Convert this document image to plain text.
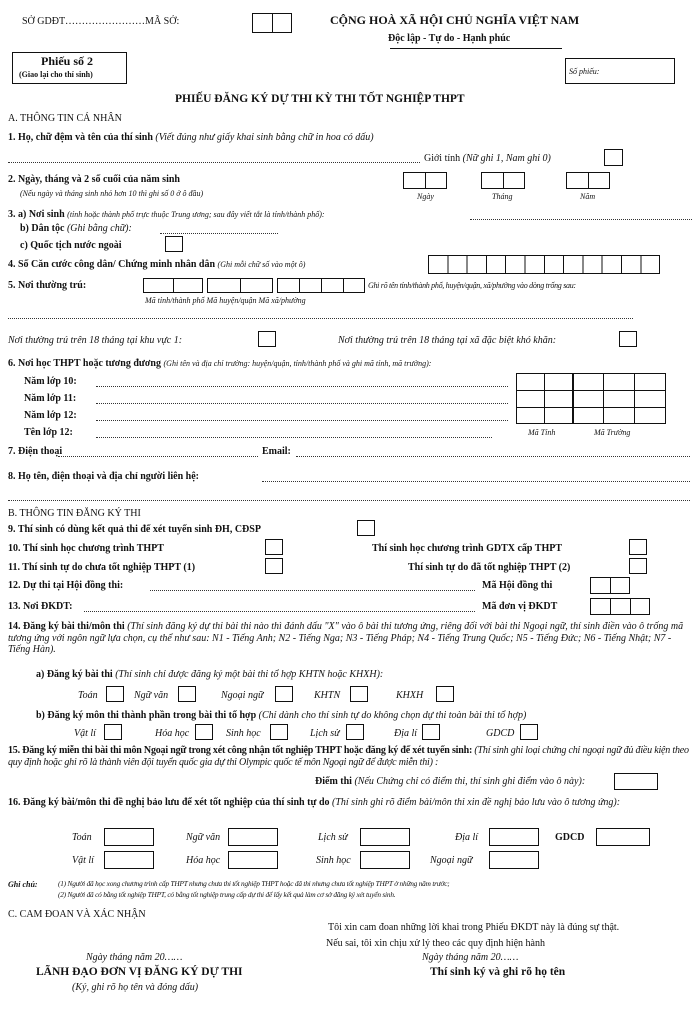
SỞ GDĐT……………………MÃ SỞ:	CỘNG HOÀ XÃ HỘI CHỦ NGHĨA VIỆT NAM
Độc lập - Tự do - Hạnh phúc
Phiếu số 2
(Giao lại cho thí sinh)	Số phiếu:
PHIẾU ĐĂNG KÝ DỰ THI KỲ THI TỐT NGHIỆP THPT
A. THÔNG TIN CÁ NHÂN
1. Họ, chữ đệm và tên của thí sinh (Viết đúng như giấy khai sinh bằng chữ in hoa có dấu)
Giới tính (Nữ ghi 1, Nam ghi 0)
2. Ngày, tháng và 2 số cuối của năm sinh
(Nếu ngày và tháng sinh nhỏ hơn 10 thì ghi số 0 ở ô đầu)	Ngày	Tháng	Năm
3. a) Nơi sinh (tỉnh hoặc thành phố trực thuộc Trung ương; sau đây viết tắt là tỉnh/thành phố):
b) Dân tộc (Ghi bằng chữ):
c) Quốc tịch nước ngoài
4. Số Căn cước công dân/ Chứng minh nhân dân (Ghi mỗi chữ số vào một ô)
5. Nơi thường trú:	Ghi rõ tên tỉnh/thành phố, huyện/quận, xã/phường vào dòng trống sau:
Mã tỉnh/thành phố Mã huyện/quận Mã xã/phường
Nơi thường trú trên 18 tháng tại khu vực 1:	Nơi thường trú trên 18 tháng tại xã đặc biệt khó khăn:
6. Nơi học THPT hoặc tương đương (Ghi tên và địa chỉ trường: huyện/quận, tỉnh/thành phố và ghi mã tỉnh, mã trường):
Năm lớp 10:
Năm lớp 11:
Năm lớp 12:
Tên lớp 12:	Mã Tỉnh	Mã Trường
7. Điện thoại	Email:
8. Họ tên, điện thoại và địa chỉ người liên hệ:
B. THÔNG TIN ĐĂNG KÝ THI
9. Thí sinh có dùng kết quả thi để xét tuyển sinh ĐH, CĐSP
10. Thí sinh học chương trình THPT	Thí sinh học chương trình GDTX cấp THPT
11. Thí sinh tự do chưa tốt nghiệp THPT (1)	Thí sinh tự do đã tốt nghiệp THPT (2)
12. Dự thi tại Hội đồng thi:	Mã Hội đồng thi
13. Nơi ĐKDT:	Mã đơn vị ĐKDT
14. Đăng ký bài thi/môn thi (Thí sinh đăng ký dự thi bài thi nào thì đánh dấu "X" vào ô bài thi tương ứng, riêng đối với bài thi Ngoại ngữ, thí sinh điền vào ô trống mã tương ứng với ngôn ngữ lựa chọn, cụ thể như sau: N1 - Tiếng Anh; N2 - Tiếng Nga; N3 - Tiếng Pháp; N4 - Tiếng Trung Quốc; N5 - Tiếng Đức; N6 - Tiếng Nhật; N7 - Tiếng Hàn).
a) Đăng ký bài thi (Thí sinh chỉ được đăng ký một bài thi tổ hợp KHTN hoặc KHXH):
Toán	Ngữ văn	Ngoại ngữ	KHTN	KHXH
b) Đăng ký môn thi thành phần trong bài thi tổ hợp (Chỉ dành cho thí sinh tự do không chọn dự thi toàn bài thi tổ hợp)
Vật lí	Hóa học	Sinh học	Lịch sử	Địa lí	GDCD
15. Đăng ký miễn thi bài thi môn Ngoại ngữ trong xét công nhận tốt nghiệp THPT hoặc đăng ký để xét tuyển sinh: (Thí sinh ghi loại chứng chỉ ngoại ngữ đủ điều kiện theo quy định hoặc ghi rõ là thành viên đội tuyển quốc gia dự thi Olympic quốc tế môn Ngoại ngữ để được miễn thi) :
Điểm thi (Nếu Chứng chỉ có điểm thi, thí sinh ghi điểm vào ô này):
16. Đăng ký bài/môn thi đề nghị bảo lưu để xét tốt nghiệp của thí sinh tự do (Thí sinh ghi rõ điểm bài/môn thi xin đề nghị bảo lưu vào ô tương ứng):
Toán	Ngữ văn	Lịch sử	Địa lí	GDCD
Vật lí	Hóa học	Sinh học	Ngoại ngữ
Ghi chú:	(1) Người đã học xong chương trình cấp THPT nhưng chưa thi tốt nghiệp THPT hoặc đã thi nhưng chưa tốt nghiệp THPT ở những năm trước;
(2) Người đã có bằng tốt nghiệp THPT, có bằng tốt nghiệp trung cấp dự thi để lấy kết quả làm cơ sở đăng ký xét tuyển sinh.
C. CAM ĐOAN VÀ XÁC NHẬN
Tôi xin cam đoan những lời khai trong Phiếu ĐKDT này là đúng sự thật.
Nếu sai, tôi xin chịu xử lý theo các quy định hiện hành
Ngày tháng năm 20……	Ngày tháng năm 20……
LÃNH ĐẠO ĐƠN VỊ ĐĂNG KÝ DỰ THI
(Ký, ghi rõ họ tên và đóng dấu)
Thí sinh ký và ghi rõ họ tên
